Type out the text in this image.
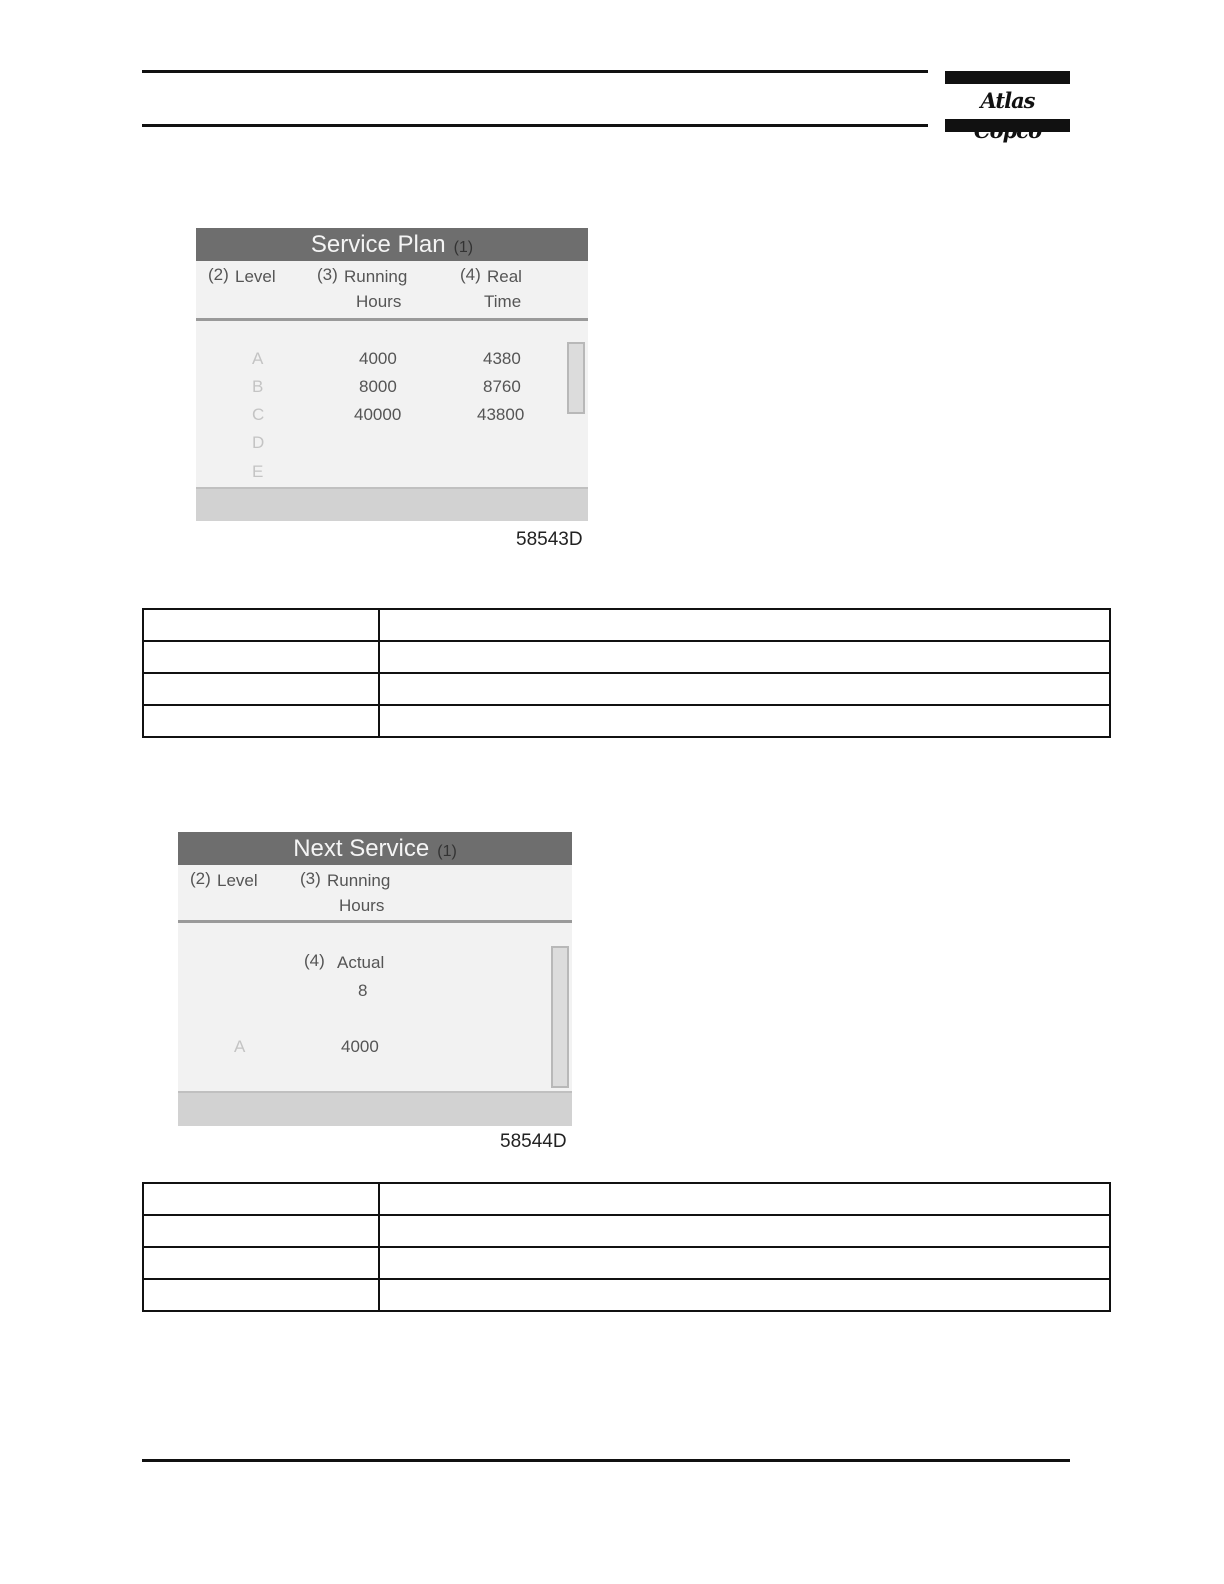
Atlas
Service Plan (1)
(2) Level (3) Running
Hours
(4) Real
Time
A	4000	4380
B	8000	8760
C	40000	43800
D
E
58543D

Next Service (1)
(2) Level (3) Running
Hours
(4) Actual
8
A	4000
58544D
